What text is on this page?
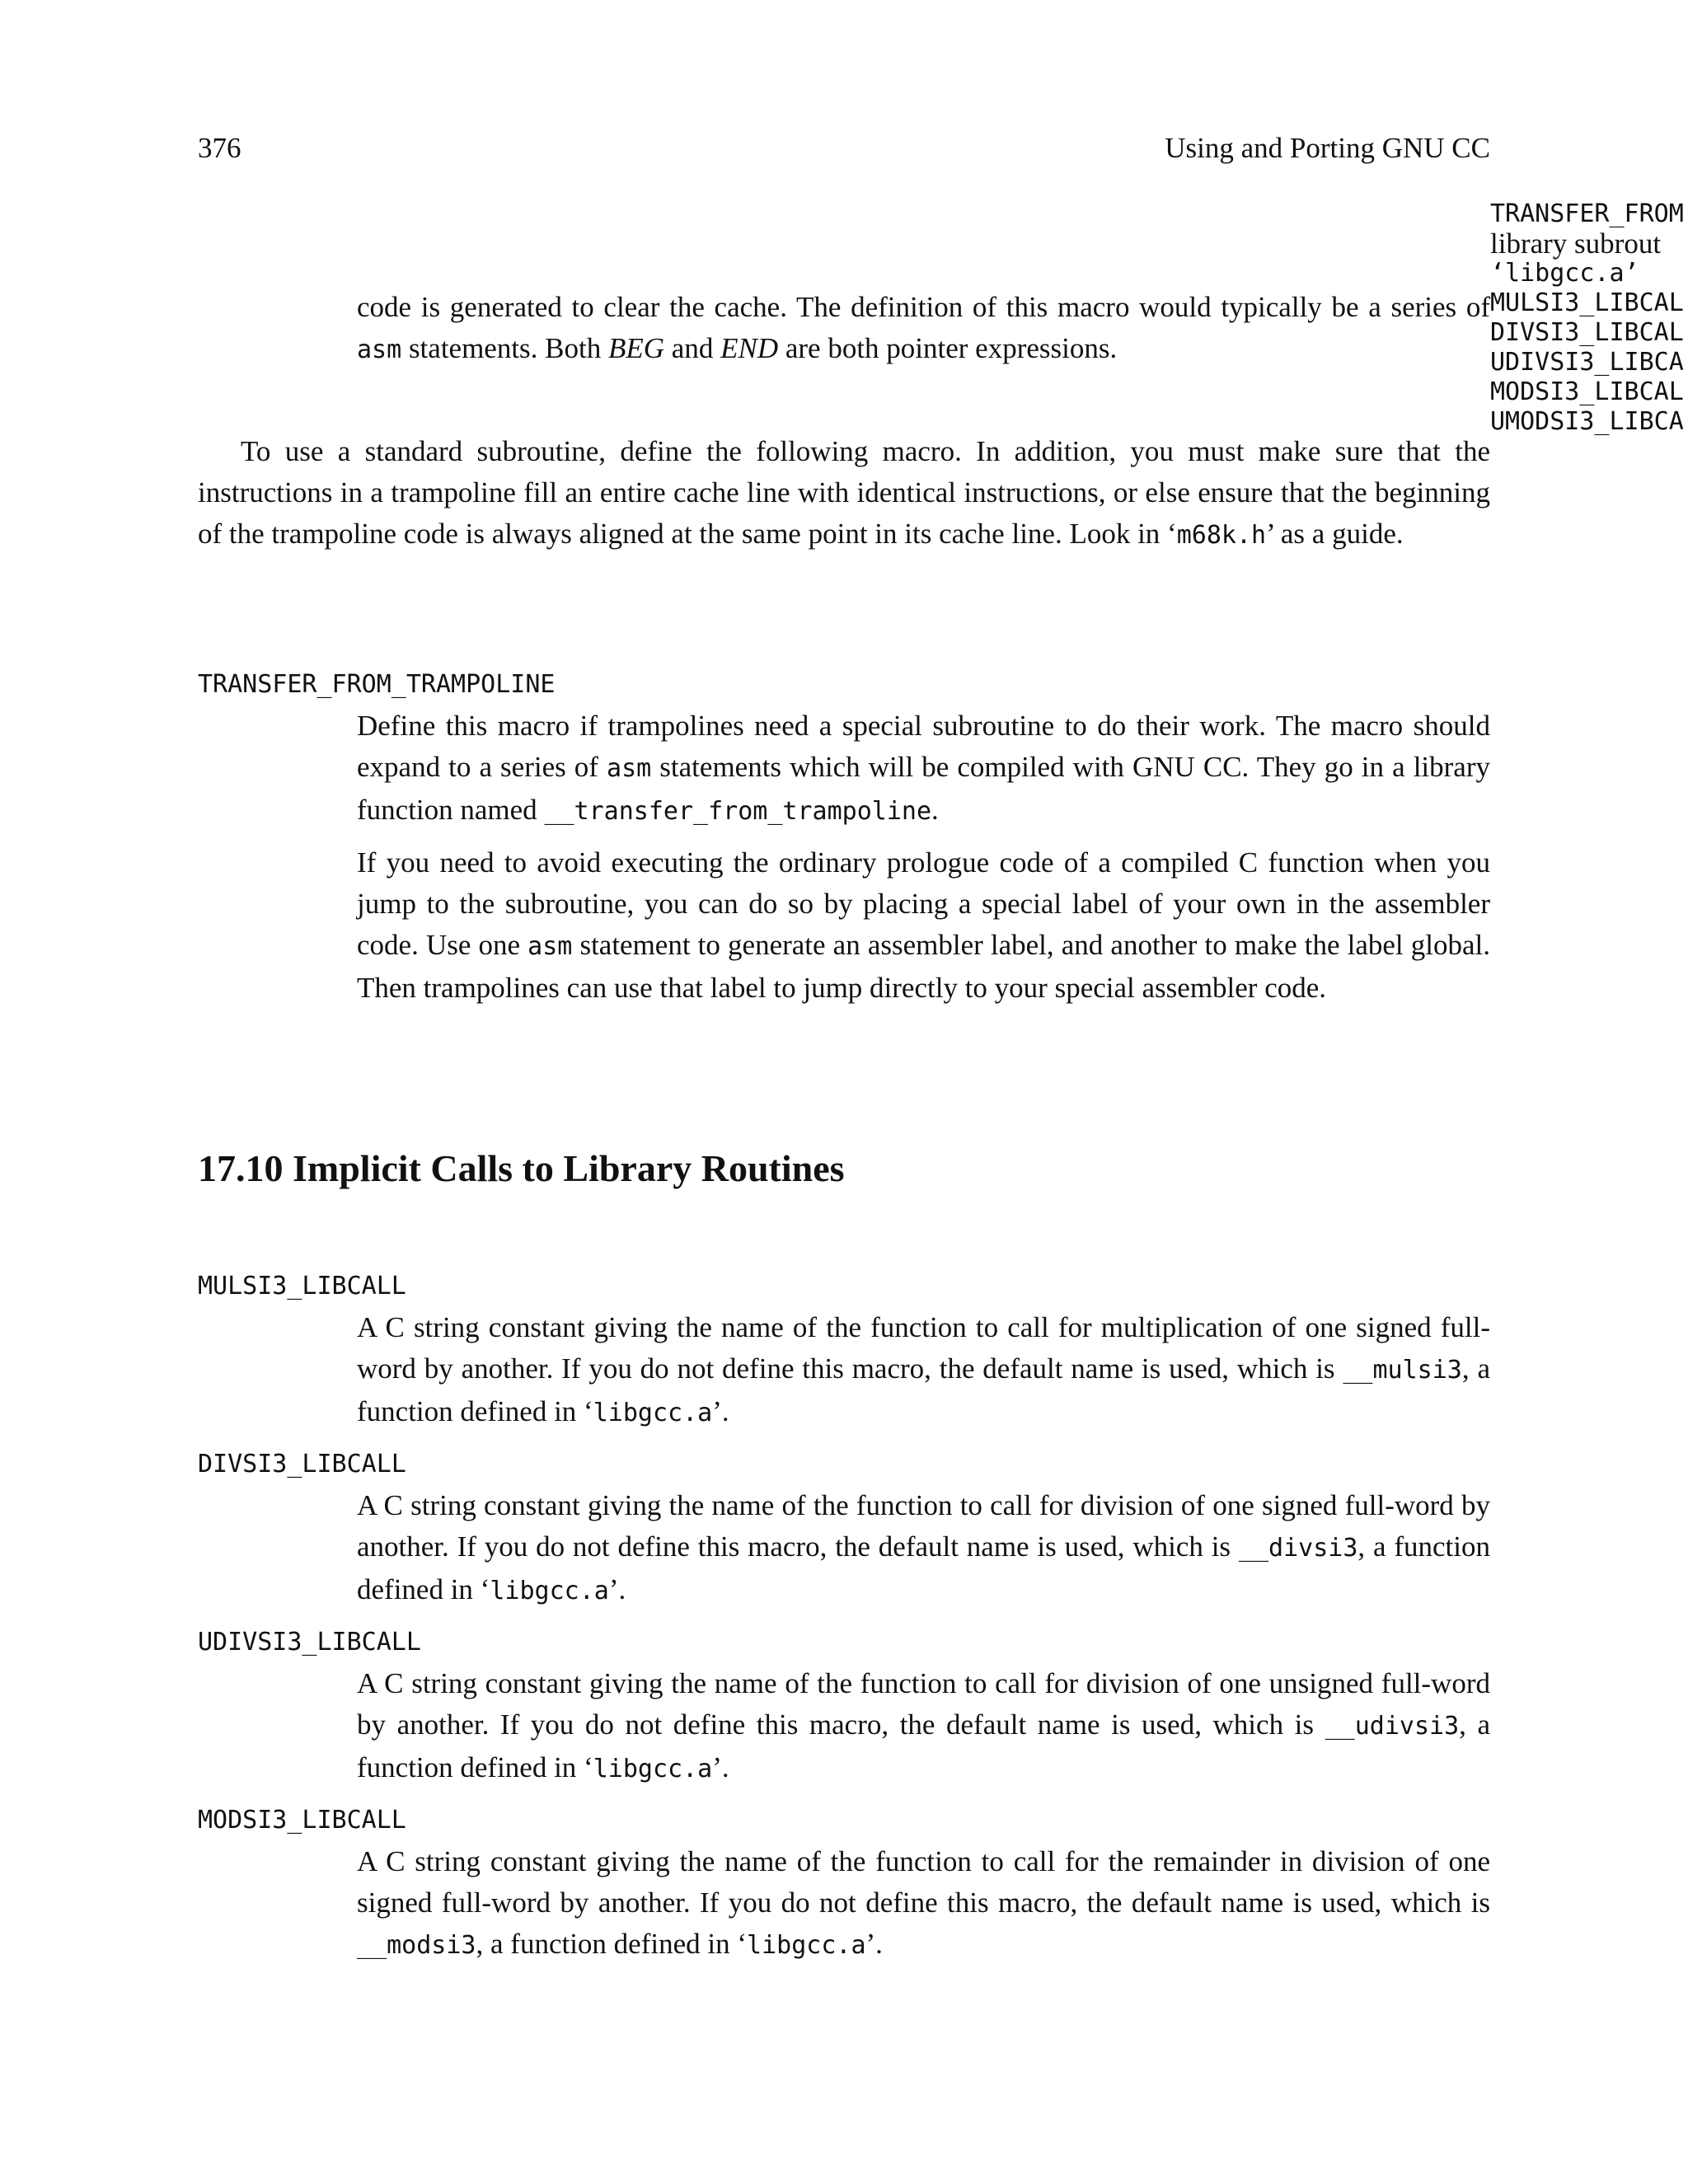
376	Using and Porting GNU CC
TRANSFER_FROM
library subrout
‘libgcc.a’
MULSI3_LIBCAL
DIVSI3_LIBCAL
UDIVSI3_LIBCA
MODSI3_LIBCAL
UMODSI3_LIBCA

code is generated to clear the cache. The definition of this macro would typically be a series of asm statements. Both BEG and END are both pointer expressions.

To use a standard subroutine, define the following macro. In addition, you must make sure that the instructions in a trampoline fill an entire cache line with identical instructions, or else ensure that the beginning of the trampoline code is always aligned at the same point in its cache line. Look in ‘m68k.h’ as a guide.

TRANSFER_FROM_TRAMPOLINE

Define this macro if trampolines need a special subroutine to do their work. The macro should expand to a series of asm statements which will be compiled with GNU CC. They go in a library function named __transfer_from_trampoline.

If you need to avoid executing the ordinary prologue code of a compiled C function when you jump to the subroutine, you can do so by placing a special label of your own in the assembler code. Use one asm statement to generate an assembler label, and another to make the label global. Then trampolines can use that label to jump directly to your special assembler code.

17.10 Implicit Calls to Library Routines
MULSI3_LIBCALL

A C string constant giving the name of the function to call for multiplication of one signed full-word by another. If you do not define this macro, the default name is used, which is __mulsi3, a function defined in ‘libgcc.a’.

DIVSI3_LIBCALL

A C string constant giving the name of the function to call for division of one signed full-word by another. If you do not define this macro, the default name is used, which is __divsi3, a function defined in ‘libgcc.a’.

UDIVSI3_LIBCALL

A C string constant giving the name of the function to call for division of one unsigned full-word by another. If you do not define this macro, the default name is used, which is __udivsi3, a function defined in ‘libgcc.a’.

MODSI3_LIBCALL

A C string constant giving the name of the function to call for the remainder in division of one signed full-word by another. If you do not define this macro, the default name is used, which is __modsi3, a function defined in ‘libgcc.a’.
